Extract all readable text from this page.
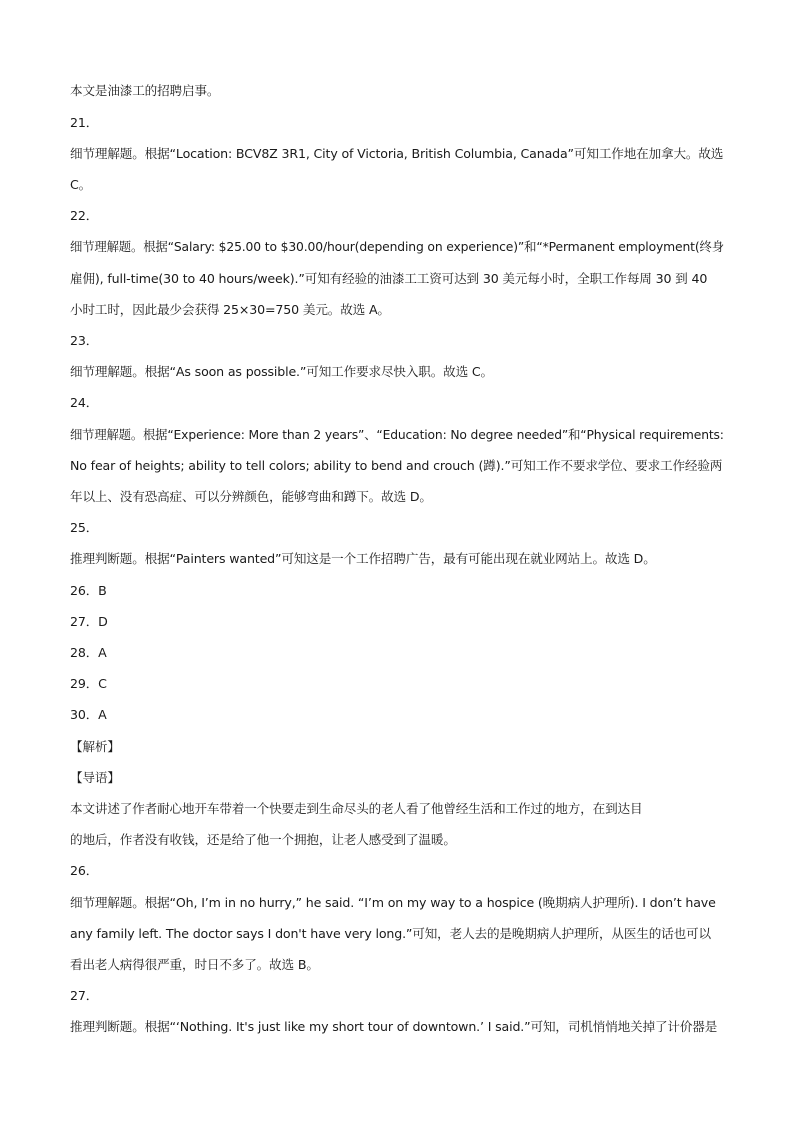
本文是油漆工的招聘启事。
21．
细节理解题。根据“Location: BCV8Z 3R1, City of Victoria, British Columbia, Canada”可知工作地在加拿大。故选
C。
22．
细节理解题。根据“Salary: $25.00 to $30.00/hour(depending on experience)”和“*Permanent employment(终身
雇佣), full-time(30 to 40 hours/week).”可知有经验的油漆工工资可达到 30 美元每小时，全职工作每周 30 到 40
小时工时，因此最少会获得 25×30=750 美元。故选 A。
23．
细节理解题。根据“As soon as possible.”可知工作要求尽快入职。故选 C。
24．
细节理解题。根据“Experience: More than 2 years”、“Education: No degree needed”和“Physical requirements:
No fear of heights; ability to tell colors; ability to bend and crouch (蹲).”可知工作不要求学位、要求工作经验两
年以上、没有恐高症、可以分辨颜色，能够弯曲和蹲下。故选 D。
25．
推理判断题。根据“Painters wanted”可知这是一个工作招聘广告，最有可能出现在就业网站上。故选 D。
26．B
27．D
28．A
29．C
30．A
【解析】
【导语】
本文讲述了作者耐心地开车带着一个快要走到生命尽头的老人看了他曾经生活和工作过的地方，在到达目
的地后，作者没有收钱，还是给了他一个拥抱，让老人感受到了温暖。
26．
细节理解题。根据“Oh, I’m in no hurry,” he said. “I’m on my way to a hospice (晚期病人护理所). I don’t have
any family left. The doctor says I don't have very long.”可知，老人去的是晚期病人护理所，从医生的话也可以
看出老人病得很严重，时日不多了。故选 B。
27．
推理判断题。根据“‘Nothing. It's just like my short tour of downtown.’ I said.”可知，司机悄悄地关掉了计价器是
